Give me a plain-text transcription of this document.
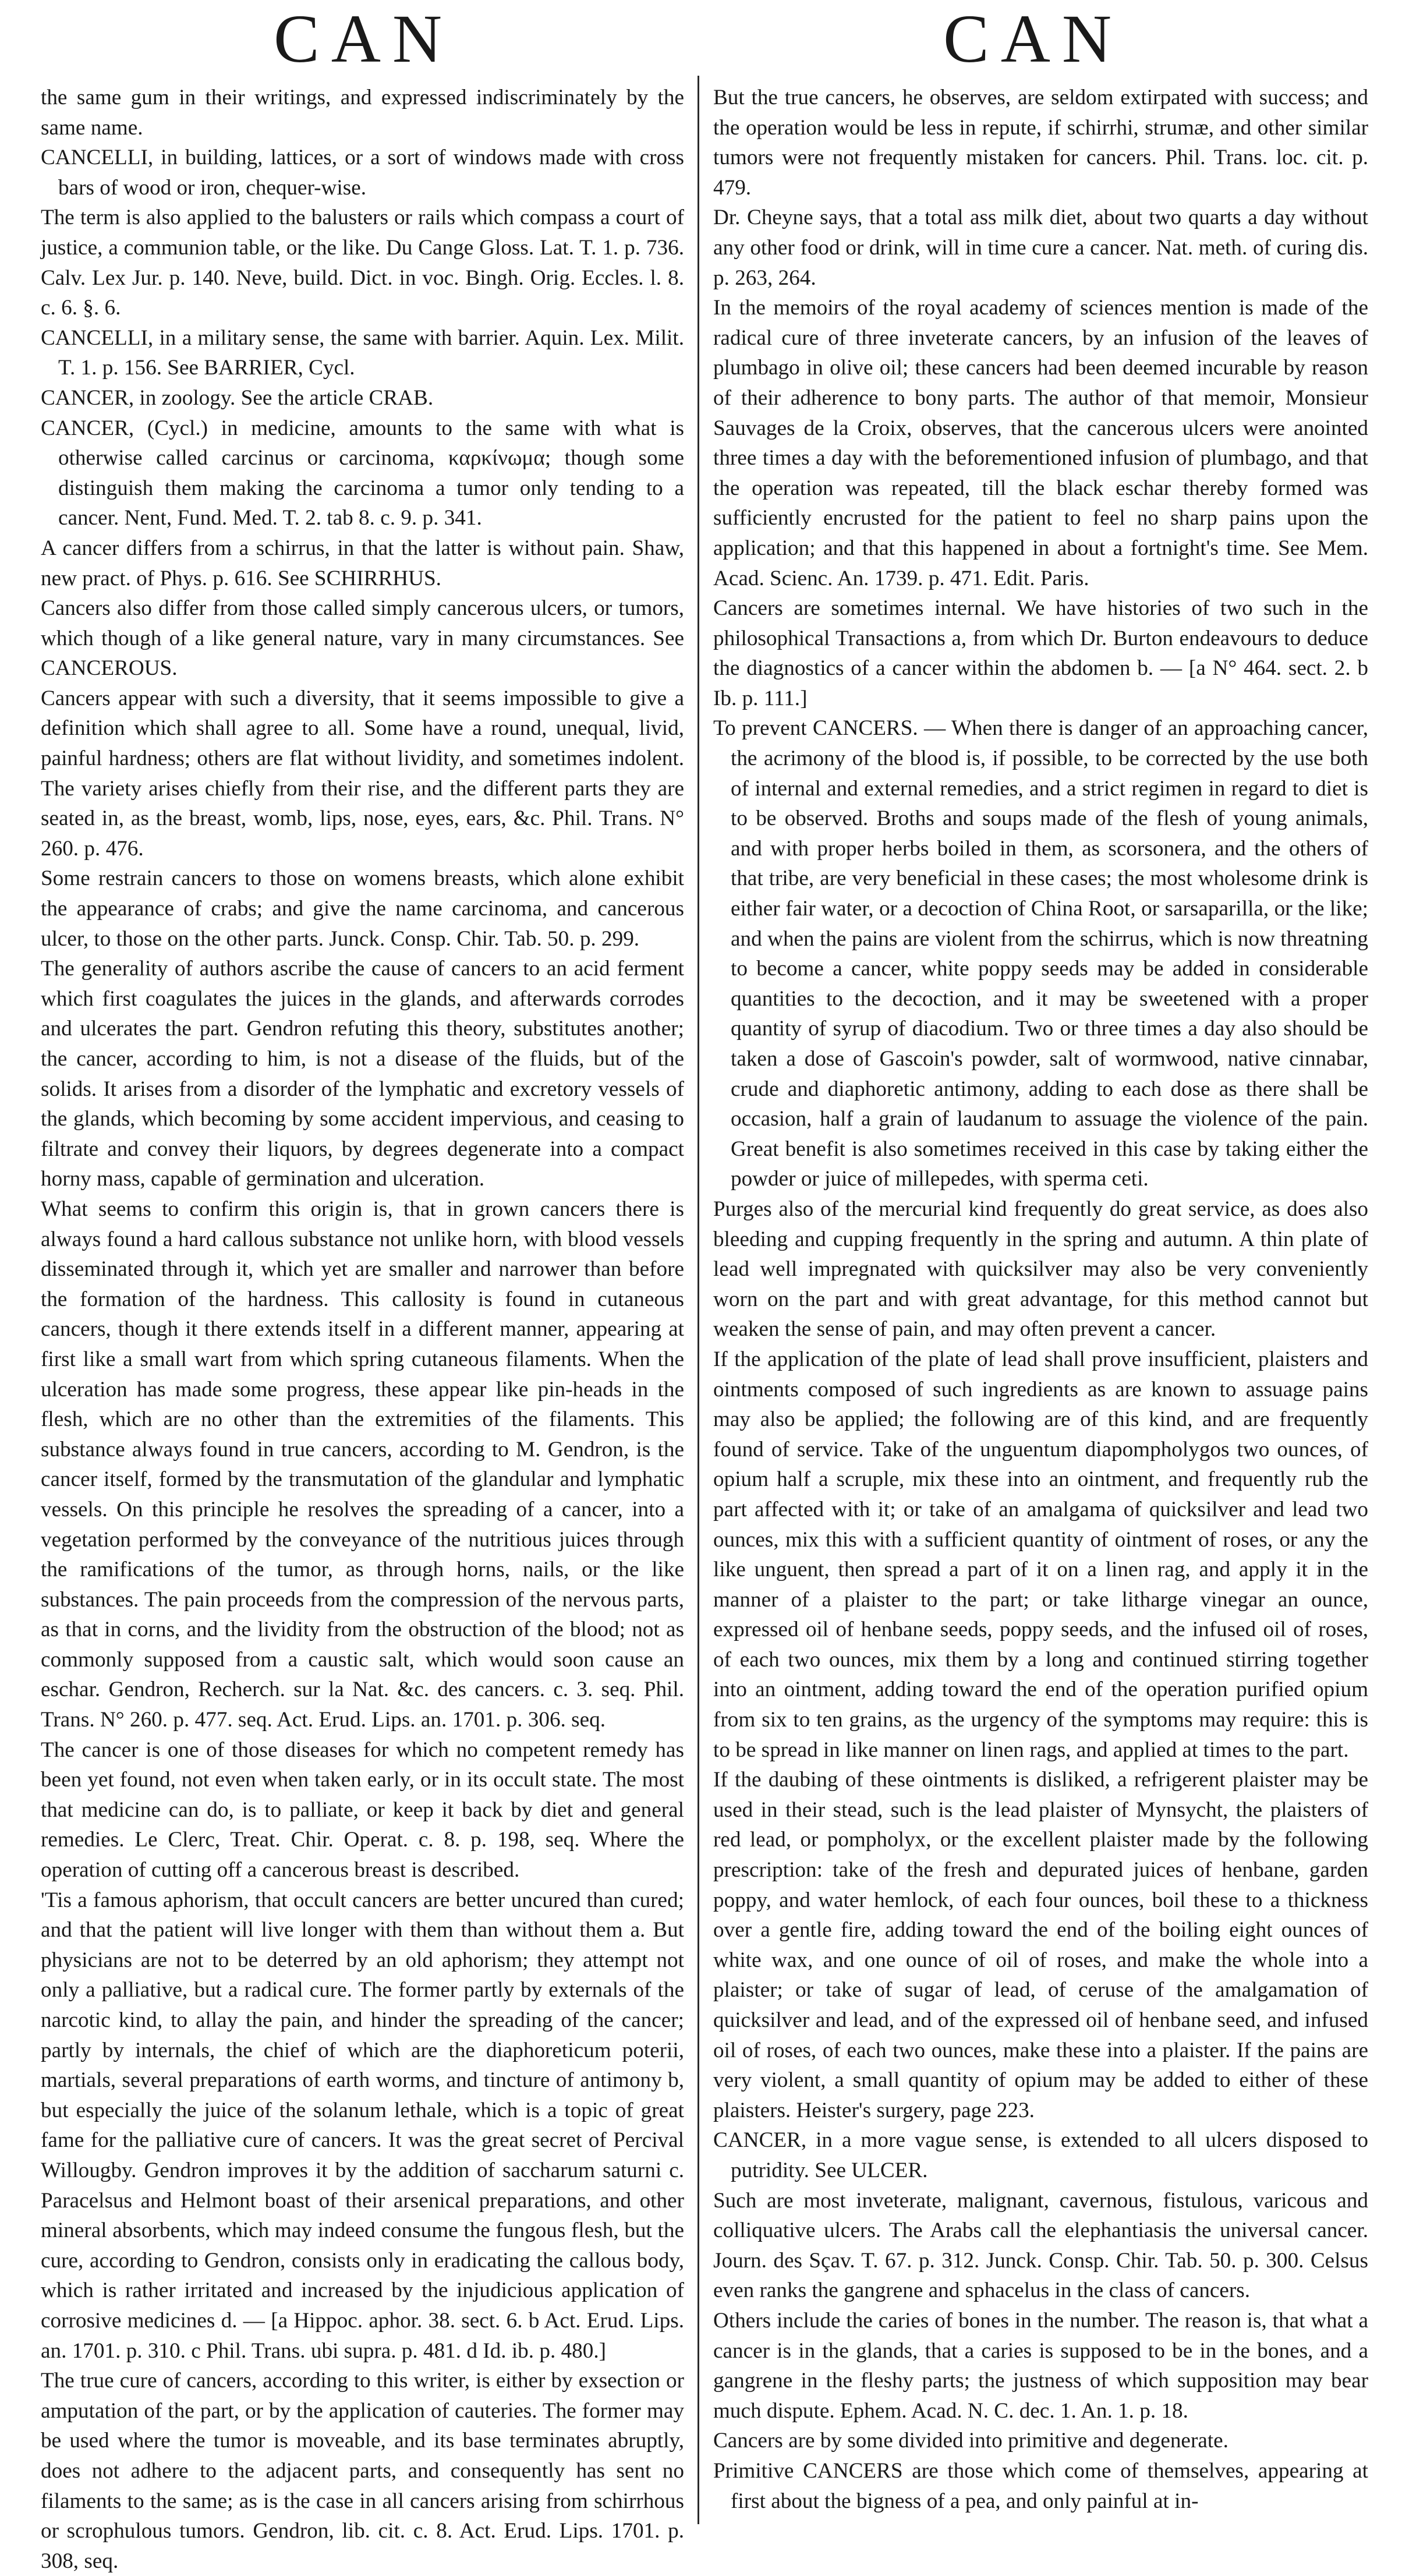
CAN	CAN

the same gum in their writings, and expressed indiscriminately by the same name.

CANCELLI, in building, lattices, or a sort of windows made with cross bars of wood or iron, chequer-wise.

The term is also applied to the balusters or rails which compass a court of justice, a communion table, or the like. Du Cange Gloss. Lat. T. 1. p. 736. Calv. Lex Jur. p. 140. Neve, build. Dict. in voc. Bingh. Orig. Eccles. l. 8. c. 6. §. 6.

CANCELLI, in a military sense, the same with barrier. Aquin. Lex. Milit. T. 1. p. 156. See BARRIER, Cycl.

CANCER, in zoology. See the article CRAB.

CANCER, (Cycl.) in medicine, amounts to the same with what is otherwise called carcinus or carcinoma, καρκίνωμα; though some distinguish them making the carcinoma a tumor only tending to a cancer. Nent, Fund. Med. T. 2. tab 8. c. 9. p. 341.

A cancer differs from a schirrus, in that the latter is without pain. Shaw, new pract. of Phys. p. 616. See SCHIRRHUS.

Cancers also differ from those called simply cancerous ulcers, or tumors, which though of a like general nature, vary in many circumstances. See CANCEROUS.

Cancers appear with such a diversity, that it seems impossible to give a definition which shall agree to all. Some have a round, unequal, livid, painful hardness; others are flat without lividity, and sometimes indolent. The variety arises chiefly from their rise, and the different parts they are seated in, as the breast, womb, lips, nose, eyes, ears, &c. Phil. Trans. N° 260. p. 476.

Some restrain cancers to those on womens breasts, which alone exhibit the appearance of crabs; and give the name carcinoma, and cancerous ulcer, to those on the other parts. Junck. Consp. Chir. Tab. 50. p. 299.

The generality of authors ascribe the cause of cancers to an acid ferment which first coagulates the juices in the glands, and afterwards corrodes and ulcerates the part. Gendron refuting this theory, substitutes another; the cancer, according to him, is not a disease of the fluids, but of the solids. It arises from a disorder of the lymphatic and excretory vessels of the glands, which becoming by some accident impervious, and ceasing to filtrate and convey their liquors, by degrees degenerate into a compact horny mass, capable of germination and ulceration.

What seems to confirm this origin is, that in grown cancers there is always found a hard callous substance not unlike horn, with blood vessels disseminated through it, which yet are smaller and narrower than before the formation of the hardness. This callosity is found in cutaneous cancers, though it there extends itself in a different manner, appearing at first like a small wart from which spring cutaneous filaments. When the ulceration has made some progress, these appear like pin-heads in the flesh, which are no other than the extremities of the filaments. This substance always found in true cancers, according to M. Gendron, is the cancer itself, formed by the transmutation of the glandular and lymphatic vessels. On this principle he resolves the spreading of a cancer, into a vegetation performed by the conveyance of the nutritious juices through the ramifications of the tumor, as through horns, nails, or the like substances. The pain proceeds from the compression of the nervous parts, as that in corns, and the lividity from the obstruction of the blood; not as commonly supposed from a caustic salt, which would soon cause an eschar. Gendron, Recherch. sur la Nat. &c. des cancers. c. 3. seq. Phil. Trans. N° 260. p. 477. seq. Act. Erud. Lips. an. 1701. p. 306. seq.

The cancer is one of those diseases for which no competent remedy has been yet found, not even when taken early, or in its occult state. The most that medicine can do, is to palliate, or keep it back by diet and general remedies. Le Clerc, Treat. Chir. Operat. c. 8. p. 198, seq. Where the operation of cutting off a cancerous breast is described.

'Tis a famous aphorism, that occult cancers are better uncured than cured; and that the patient will live longer with them than without them a. But physicians are not to be deterred by an old aphorism; they attempt not only a palliative, but a radical cure. The former partly by externals of the narcotic kind, to allay the pain, and hinder the spreading of the cancer; partly by internals, the chief of which are the diaphoreticum poterii, martials, several preparations of earth worms, and tincture of antimony b, but especially the juice of the solanum lethale, which is a topic of great fame for the palliative cure of cancers. It was the great secret of Percival Willougby. Gendron improves it by the addition of saccharum saturni c. Paracelsus and Helmont boast of their arsenical preparations, and other mineral absorbents, which may indeed consume the fungous flesh, but the cure, according to Gendron, consists only in eradicating the callous body, which is rather irritated and increased by the injudicious application of corrosive medicines d. — [a Hippoc. aphor. 38. sect. 6. b Act. Erud. Lips. an. 1701. p. 310. c Phil. Trans. ubi supra. p. 481. d Id. ib. p. 480.]

The true cure of cancers, according to this writer, is either by exsection or amputation of the part, or by the application of cauteries. The former may be used where the tumor is moveable, and its base terminates abruptly, does not adhere to the adjacent parts, and consequently has sent no filaments to the same; as is the case in all cancers arising from schirrhous or scrophulous tumors. Gendron, lib. cit. c. 8. Act. Erud. Lips. 1701. p. 308, seq.

But the true cancers, he observes, are seldom extirpated with success; and the operation would be less in repute, if schirrhi, strumæ, and other similar tumors were not frequently mistaken for cancers. Phil. Trans. loc. cit. p. 479.

Dr. Cheyne says, that a total ass milk diet, about two quarts a day without any other food or drink, will in time cure a cancer. Nat. meth. of curing dis. p. 263, 264.

In the memoirs of the royal academy of sciences mention is made of the radical cure of three inveterate cancers, by an infusion of the leaves of plumbago in olive oil; these cancers had been deemed incurable by reason of their adherence to bony parts. The author of that memoir, Monsieur Sauvages de la Croix, observes, that the cancerous ulcers were anointed three times a day with the beforementioned infusion of plumbago, and that the operation was repeated, till the black eschar thereby formed was sufficiently encrusted for the patient to feel no sharp pains upon the application; and that this happened in about a fortnight's time. See Mem. Acad. Scienc. An. 1739. p. 471. Edit. Paris.

Cancers are sometimes internal. We have histories of two such in the philosophical Transactions a, from which Dr. Burton endeavours to deduce the diagnostics of a cancer within the abdomen b. — [a N° 464. sect. 2. b Ib. p. 111.]

To prevent CANCERS. — When there is danger of an approaching cancer, the acrimony of the blood is, if possible, to be corrected by the use both of internal and external remedies, and a strict regimen in regard to diet is to be observed. Broths and soups made of the flesh of young animals, and with proper herbs boiled in them, as scorsonera, and the others of that tribe, are very beneficial in these cases; the most wholesome drink is either fair water, or a decoction of China Root, or sarsaparilla, or the like; and when the pains are violent from the schirrus, which is now threatning to become a cancer, white poppy seeds may be added in considerable quantities to the decoction, and it may be sweetened with a proper quantity of syrup of diacodium. Two or three times a day also should be taken a dose of Gascoin's powder, salt of wormwood, native cinnabar, crude and diaphoretic antimony, adding to each dose as there shall be occasion, half a grain of laudanum to assuage the violence of the pain. Great benefit is also sometimes received in this case by taking either the powder or juice of millepedes, with sperma ceti.

Purges also of the mercurial kind frequently do great service, as does also bleeding and cupping frequently in the spring and autumn. A thin plate of lead well impregnated with quicksilver may also be very conveniently worn on the part and with great advantage, for this method cannot but weaken the sense of pain, and may often prevent a cancer.

If the application of the plate of lead shall prove insufficient, plaisters and ointments composed of such ingredients as are known to assuage pains may also be applied; the following are of this kind, and are frequently found of service. Take of the unguentum diapompholygos two ounces, of opium half a scruple, mix these into an ointment, and frequently rub the part affected with it; or take of an amalgama of quicksilver and lead two ounces, mix this with a sufficient quantity of ointment of roses, or any the like unguent, then spread a part of it on a linen rag, and apply it in the manner of a plaister to the part; or take litharge vinegar an ounce, expressed oil of henbane seeds, poppy seeds, and the infused oil of roses, of each two ounces, mix them by a long and continued stirring together into an ointment, adding toward the end of the operation purified opium from six to ten grains, as the urgency of the symptoms may require: this is to be spread in like manner on linen rags, and applied at times to the part.

If the daubing of these ointments is disliked, a refrigerent plaister may be used in their stead, such is the lead plaister of Mynsycht, the plaisters of red lead, or pompholyx, or the excellent plaister made by the following prescription: take of the fresh and depurated juices of henbane, garden poppy, and water hemlock, of each four ounces, boil these to a thickness over a gentle fire, adding toward the end of the boiling eight ounces of white wax, and one ounce of oil of roses, and make the whole into a plaister; or take of sugar of lead, of ceruse of the amalgamation of quicksilver and lead, and of the expressed oil of henbane seed, and infused oil of roses, of each two ounces, make these into a plaister. If the pains are very violent, a small quantity of opium may be added to either of these plaisters. Heister's surgery, page 223.

CANCER, in a more vague sense, is extended to all ulcers disposed to putridity. See ULCER.

Such are most inveterate, malignant, cavernous, fistulous, varicous and colliquative ulcers. The Arabs call the elephantiasis the universal cancer. Journ. des Sçav. T. 67. p. 312. Junck. Consp. Chir. Tab. 50. p. 300. Celsus even ranks the gangrene and sphacelus in the class of cancers.

Others include the caries of bones in the number. The reason is, that what a cancer is in the glands, that a caries is supposed to be in the bones, and a gangrene in the fleshy parts; the justness of which supposition may bear much dispute. Ephem. Acad. N. C. dec. 1. An. 1. p. 18.

Cancers are by some divided into primitive and degenerate.

Primitive CANCERS are those which come of themselves, appearing at first about the bigness of a pea, and only painful at in-
